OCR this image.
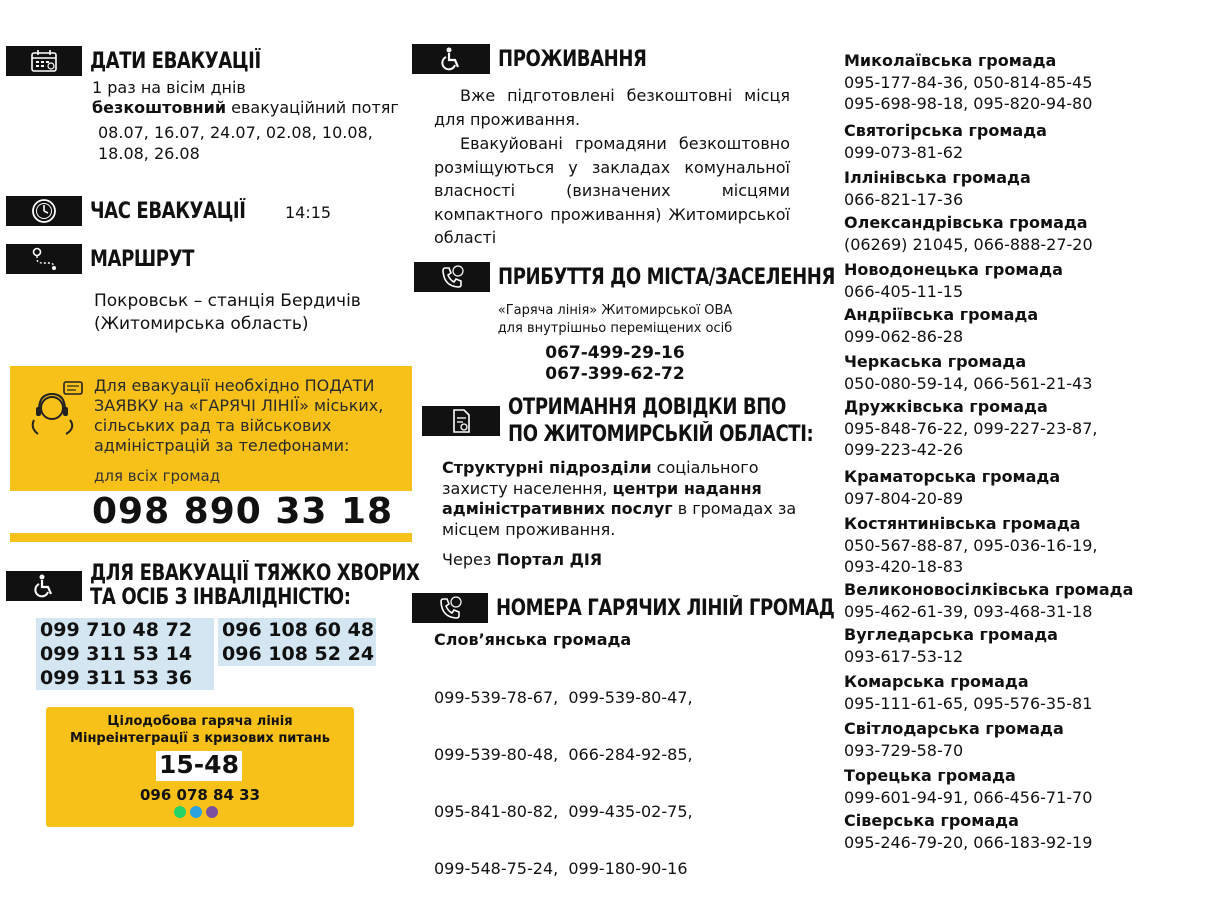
ДАТИ ЕВАКУАЦІЇ
1 раз на вісім днів
безкоштовний евакуаційний потяг
08.07, 16.07, 24.07, 02.08, 10.08,
18.08, 26.08
ЧАС ЕВАКУАЦІЇ 14:15
МАРШРУТ
Покровськ – станція Бердичів
(Житомирська область)
Для евакуації необхідно ПОДАТИ
ЗАЯВКУ на «ГАРЯЧІ ЛІНІЇ» міських,
сільських рад та військових
адміністрацій за телефонами:
для всіх громад
098 890 33 18
ДЛЯ ЕВАКУАЦІЇ ТЯЖКО ХВОРИХ
ТА ОСІБ З ІНВАЛІДНІСТЮ:
099 710 48 72
099 311 53 14
099 311 53 36
096 108 60 48
096 108 52 24
Цілодобова гаряча лінія
Мінреінтеграції з кризових питань
15-48
096 078 84 33
ПРОЖИВАННЯ
Вже підготовлені безкоштовні місця для проживання.
Евакуйовані громадяни безкоштовно розміщуються у закладах комунальної власності (визначених місцями компактного проживання) Житомирської області
ПРИБУТТЯ ДО МІСТА/ЗАСЕЛЕННЯ
«Гаряча лінія» Житомирської ОВА
для внутрішньо переміщених осіб
067-499-29-16
067-399-62-72
ОТРИМАННЯ ДОВІДКИ ВПО
ПО ЖИТОМИРСЬКІЙ ОБЛАСТІ:
Структурні підрозділи соціального захисту населення, центри надання адміністративних послуг в громадах за місцем проживання.
Через Портал ДІЯ
НОМЕРА ГАРЯЧИХ ЛІНІЙ ГРОМАД
Слов’янська громада

099-539-78-67,  099-539-80-47,

099-539-80-48,  066-284-92-85,

095-841-80-82,  099-435-02-75,

099-548-75-24,  099-180-90-16

Миколаївська громада
095-177-84-36, 050-814-85-45
095-698-98-18, 095-820-94-80
Святогірська громада
099-073-81-62
Іллінівська громада
066-821-17-36
Олександрівська громада
(06269) 21045, 066-888-27-20
Новодонецька громада
066-405-11-15
Андріївська громада
099-062-86-28
Черкаська громада
050-080-59-14, 066-561-21-43
Дружківська громада
095-848-76-22, 099-227-23-87,
099-223-42-26
Краматорська громада
097-804-20-89
Костянтинівська громада
050-567-88-87, 095-036-16-19,
093-420-18-83
Великоновосілківська громада
095-462-61-39, 093-468-31-18
Вугледарська громада
093-617-53-12
Комарська громада
095-111-61-65, 095-576-35-81
Світлодарська громада
093-729-58-70
Торецька громада
099-601-94-91, 066-456-71-70
Сіверська громада
095-246-79-20, 066-183-92-19
